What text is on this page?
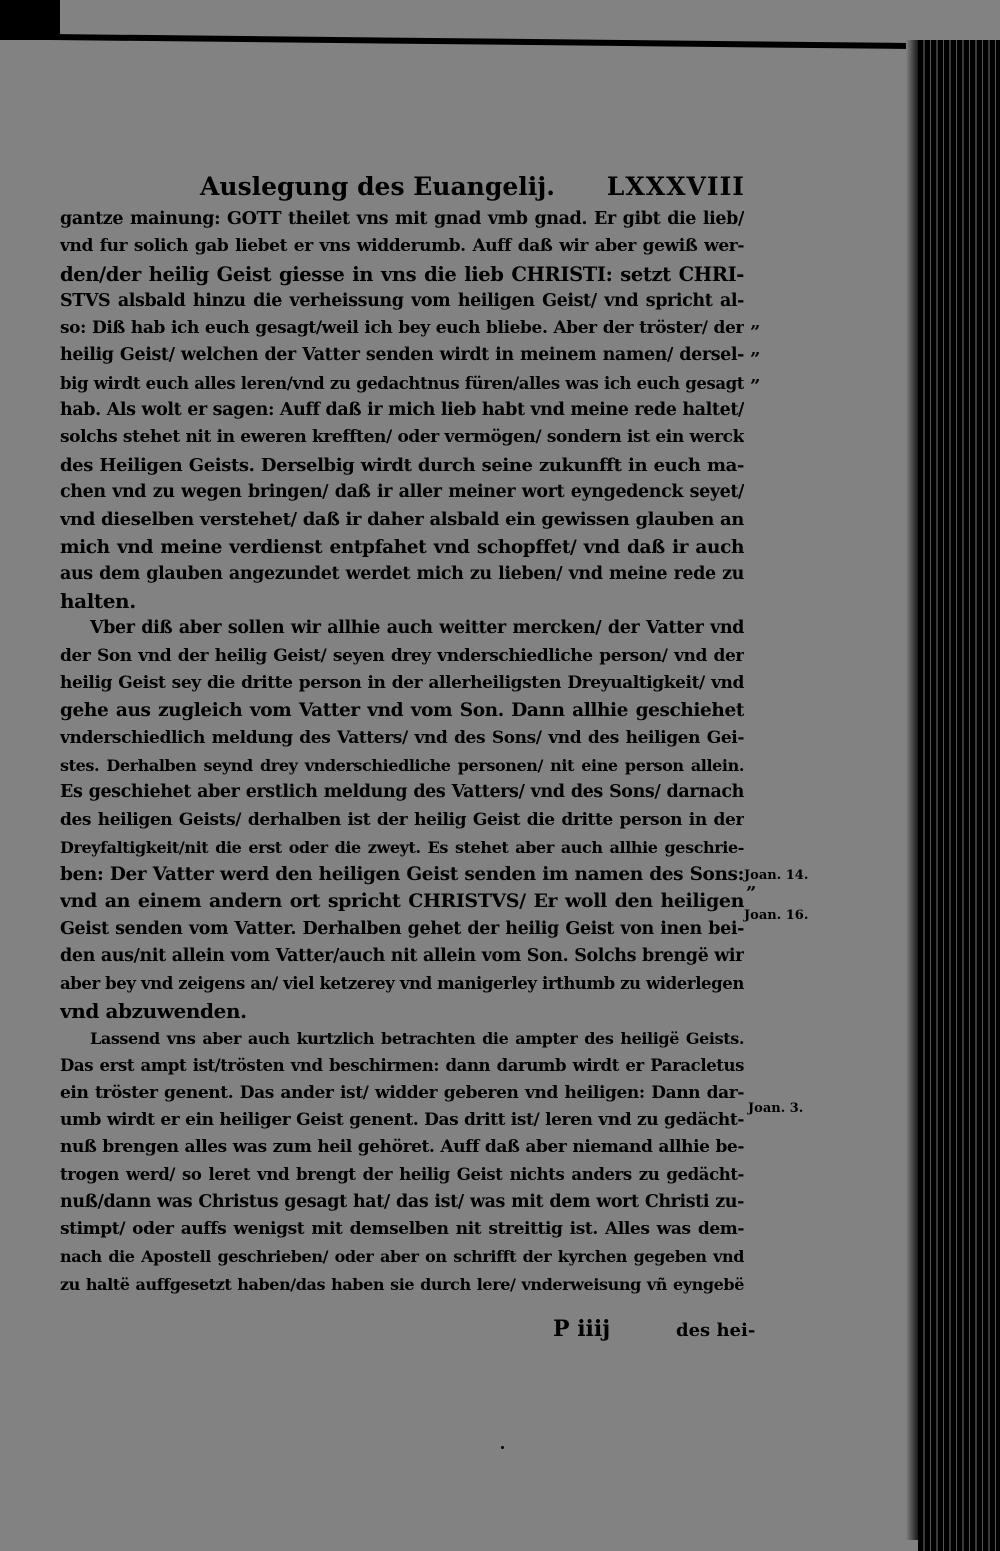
Auslegung des Euangelij. LXXXVIII
gantze mainung: GOTT theilet vns mit gnad vmb gnad. Er gibt die lieb/
vnd fur solich gab liebet er vns widderumb. Auff daß wir aber gewiß wer-
den/der heilig Geist giesse in vns die lieb CHRISTI: setzt CHRI-
STVS alsbald hinzu die verheissung vom heiligen Geist/ vnd spricht al-
so: Diß hab ich euch gesagt/weil ich bey euch bliebe. Aber der tröster/ der
heilig Geist/ welchen der Vatter senden wirdt in meinem namen/ dersel-
big wirdt euch alles leren/vnd zu gedachtnus füren/alles was ich euch gesagt
hab. Als wolt er sagen: Auff daß ir mich lieb habt vnd meine rede haltet/
solchs stehet nit in eweren krefften/ oder vermögen/ sondern ist ein werck
des Heiligen Geists. Derselbig wirdt durch seine zukunfft in euch ma-
chen vnd zu wegen bringen/ daß ir aller meiner wort eyngedenck seyet/
vnd dieselben verstehet/ daß ir daher alsbald ein gewissen glauben an
mich vnd meine verdienst entpfahet vnd schopffet/ vnd daß ir auch
aus dem glauben angezundet werdet mich zu lieben/ vnd meine rede zu
halten.
Vber diß aber sollen wir allhie auch weitter mercken/ der Vatter vnd
der Son vnd der heilig Geist/ seyen drey vnderschiedliche person/ vnd der
heilig Geist sey die dritte person in der allerheiligsten Dreyualtigkeit/ vnd
gehe aus zugleich vom Vatter vnd vom Son. Dann allhie geschiehet
vnderschiedlich meldung des Vatters/ vnd des Sons/ vnd des heiligen Gei-
stes. Derhalben seynd drey vnderschiedliche personen/ nit eine person allein.
Es geschiehet aber erstlich meldung des Vatters/ vnd des Sons/ darnach
des heiligen Geists/ derhalben ist der heilig Geist die dritte person in der
Dreyfaltigkeit/nit die erst oder die zweyt. Es stehet aber auch allhie geschrie-
ben: Der Vatter werd den heiligen Geist senden im namen des Sons:
vnd an einem andern ort spricht CHRISTVS/ Er woll den heiligen
Geist senden vom Vatter. Derhalben gehet der heilig Geist von inen bei-
den aus/nit allein vom Vatter/auch nit allein vom Son. Solchs brengë wir
aber bey vnd zeigens an/ viel ketzerey vnd manigerley irthumb zu widerlegen
vnd abzuwenden.
Lassend vns aber auch kurtzlich betrachten die ampter des heiligë Geists.
Das erst ampt ist/trösten vnd beschirmen: dann darumb wirdt er Paracletus
ein tröster genent. Das ander ist/ widder geberen vnd heiligen: Dann dar-
umb wirdt er ein heiliger Geist genent. Das dritt ist/ leren vnd zu gedächt-
nuß brengen alles was zum heil gehöret. Auff daß aber niemand allhie be-
trogen werd/ so leret vnd brengt der heilig Geist nichts anders zu gedächt-
nuß/dann was Christus gesagt hat/ das ist/ was mit dem wort Christi zu-
stimpt/ oder auffs wenigst mit demselben nit streittig ist. Alles was dem-
nach die Apostell geschrieben/ oder aber on schrifft der kyrchen gegeben vnd
zu haltë auffgesetzt haben/das haben sie durch lere/ vnderweisung vñ eyngebë
”
”
”
Joan. 14.
”
Joan. 16.
Joan. 3.
P iiij	des hei-
